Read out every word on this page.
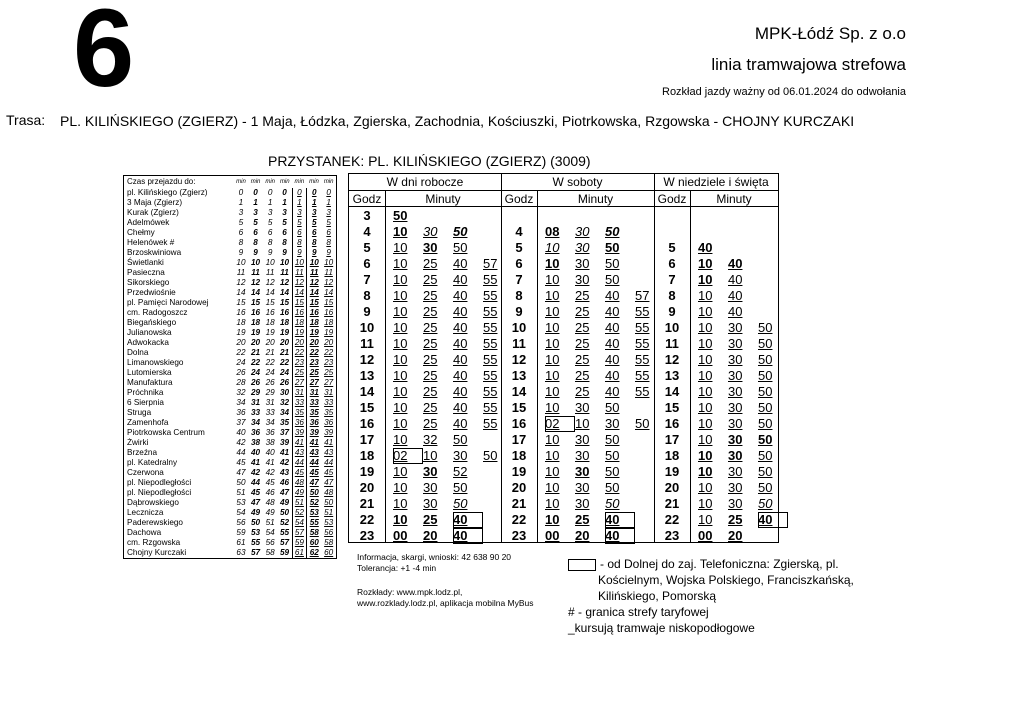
6	MPK-Łódź Sp. z o.o
linia tramwajowa strefowa
Rozkład jazdy ważny od 06.01.2024 do odwołania
Trasa: PL. KILIŃSKIEGO (ZGIERZ) - 1 Maja, Łódzka, Zgierska, Zachodnia, Kościuszki, Piotrkowska, Rzgowska - CHOJNY KURCZAKI
PRZYSTANEK: PL. KILIŃSKIEGO (ZGIERZ) (3009)
Czas przejazdu do:	min	min	min	min	min	min	min
pl. Kilińskiego (Zgierz)	0	0	0	0	0	0	0
3 Maja (Zgierz)	1	1	1	1	1	1	1
Kurak (Zgierz)	3	3	3	3	3	3	3
Adelmówek	5	5	5	5	5	5	5
Chełmy	6	6	6	6	6	6	6
Helenówek #	8	8	8	8	8	8	8
Brzoskwiniowa	9	9	9	9	9	9	9
Świetlanki	10	10	10	10	10	10	10
Pasieczna	11	11	11	11	11	11	11
Sikorskiego	12	12	12	12	12	12	12
Przedwiośnie	14	14	14	14	14	14	14
pl. Pamięci Narodowej	15	15	15	15	15	15	15
cm. Radogoszcz	16	16	16	16	16	16	16
Biegańskiego	18	18	18	18	18	18	18
Julianowska	19	19	19	19	19	19	19
Adwokacka	20	20	20	20	20	20	20
Dolna	22	21	21	21	22	22	22
Limanowskiego	24	22	22	22	23	23	23
Lutomierska	26	24	24	24	25	25	25
Manufaktura	28	26	26	26	27	27	27
Próchnika	32	29	29	30	31	31	31
6 Sierpnia	34	31	31	32	33	33	33
Struga	36	33	33	34	35	35	35
Zamenhofa	37	34	34	35	36	36	36
Piotrkowska Centrum	40	36	36	37	39	39	39
Żwirki	42	38	38	39	41	41	41
Brzeźna	44	40	40	41	43	43	43
pl. Katedralny	45	41	41	42	44	44	44
Czerwona	47	42	42	43	45	45	45
pl. Niepodległości	50	44	45	46	48	47	47
pl. Niepodległości	51	45	46	47	49	50	48
Dąbrowskiego	53	47	48	49	51	52	50
Lecznicza	54	49	49	50	52	53	51
Paderewskiego	56	50	51	52	54	55	53
Dachowa	59	53	54	55	57	58	56
cm. Rzgowska	61	55	56	57	59	60	58
Chojny Kurczaki	63	57	58	59	61	62	60
W dni robocze
Godz	Minuty
3	50
4	10 30 50
5	10 30 50
6	10 25 40 57
7	10 25 40 55
8	10 25 40 55
9	10 25 40 55
10	10 25 40 55
11	10 25 40 55
12	10 25 40 55
13	10 25 40 55
14	10 25 40 55
15	10 25 40 55
16	10 25 40 55
17	10 32 50
18	02 10 30 50
19	10 30 52
20	10 30 50
21	10 30 50
22	10 25 40
23	00 20 40
W soboty
Godz	Minuty
4	08 30 50
5	10 30 50
6	10 30 50
7	10 30 50
8	10 25 40 57
9	10 25 40 55
10	10 25 40 55
11	10 25 40 55
12	10 25 40 55
13	10 25 40 55
14	10 25 40 55
15	10 30 50
16	02 10 30 50
17	10 30 50
18	10 30 50
19	10 30 50
20	10 30 50
21	10 30 50
22	10 25 40
23	00 20 40
W niedziele i święta
Godz	Minuty
5	40
6	10 40
7	10 40
8	10 40
9	10 40
10	10 30 50
11	10 30 50
12	10 30 50
13	10 30 50
14	10 30 50
15	10 30 50
16	10 30 50
17	10 30 50
18	10 30 50
19	10 30 50
20	10 30 50
21	10 30 50
22	10 25 40
23	00 20
Informacja, skargi, wnioski: 42 638 90 20
Tolerancja: +1 -4 min
Rozkłady: www.mpk.lodz.pl,
www.rozklady.lodz.pl, aplikacja mobilna MyBus
- od Dolnej do zaj. Telefoniczna: Zgierską, pl. Kościelnym, Wojska Polskiego, Franciszkańską, Kilińskiego, Pomorską
# - granica strefy taryfowej
_kursują tramwaje niskopodłogowe
